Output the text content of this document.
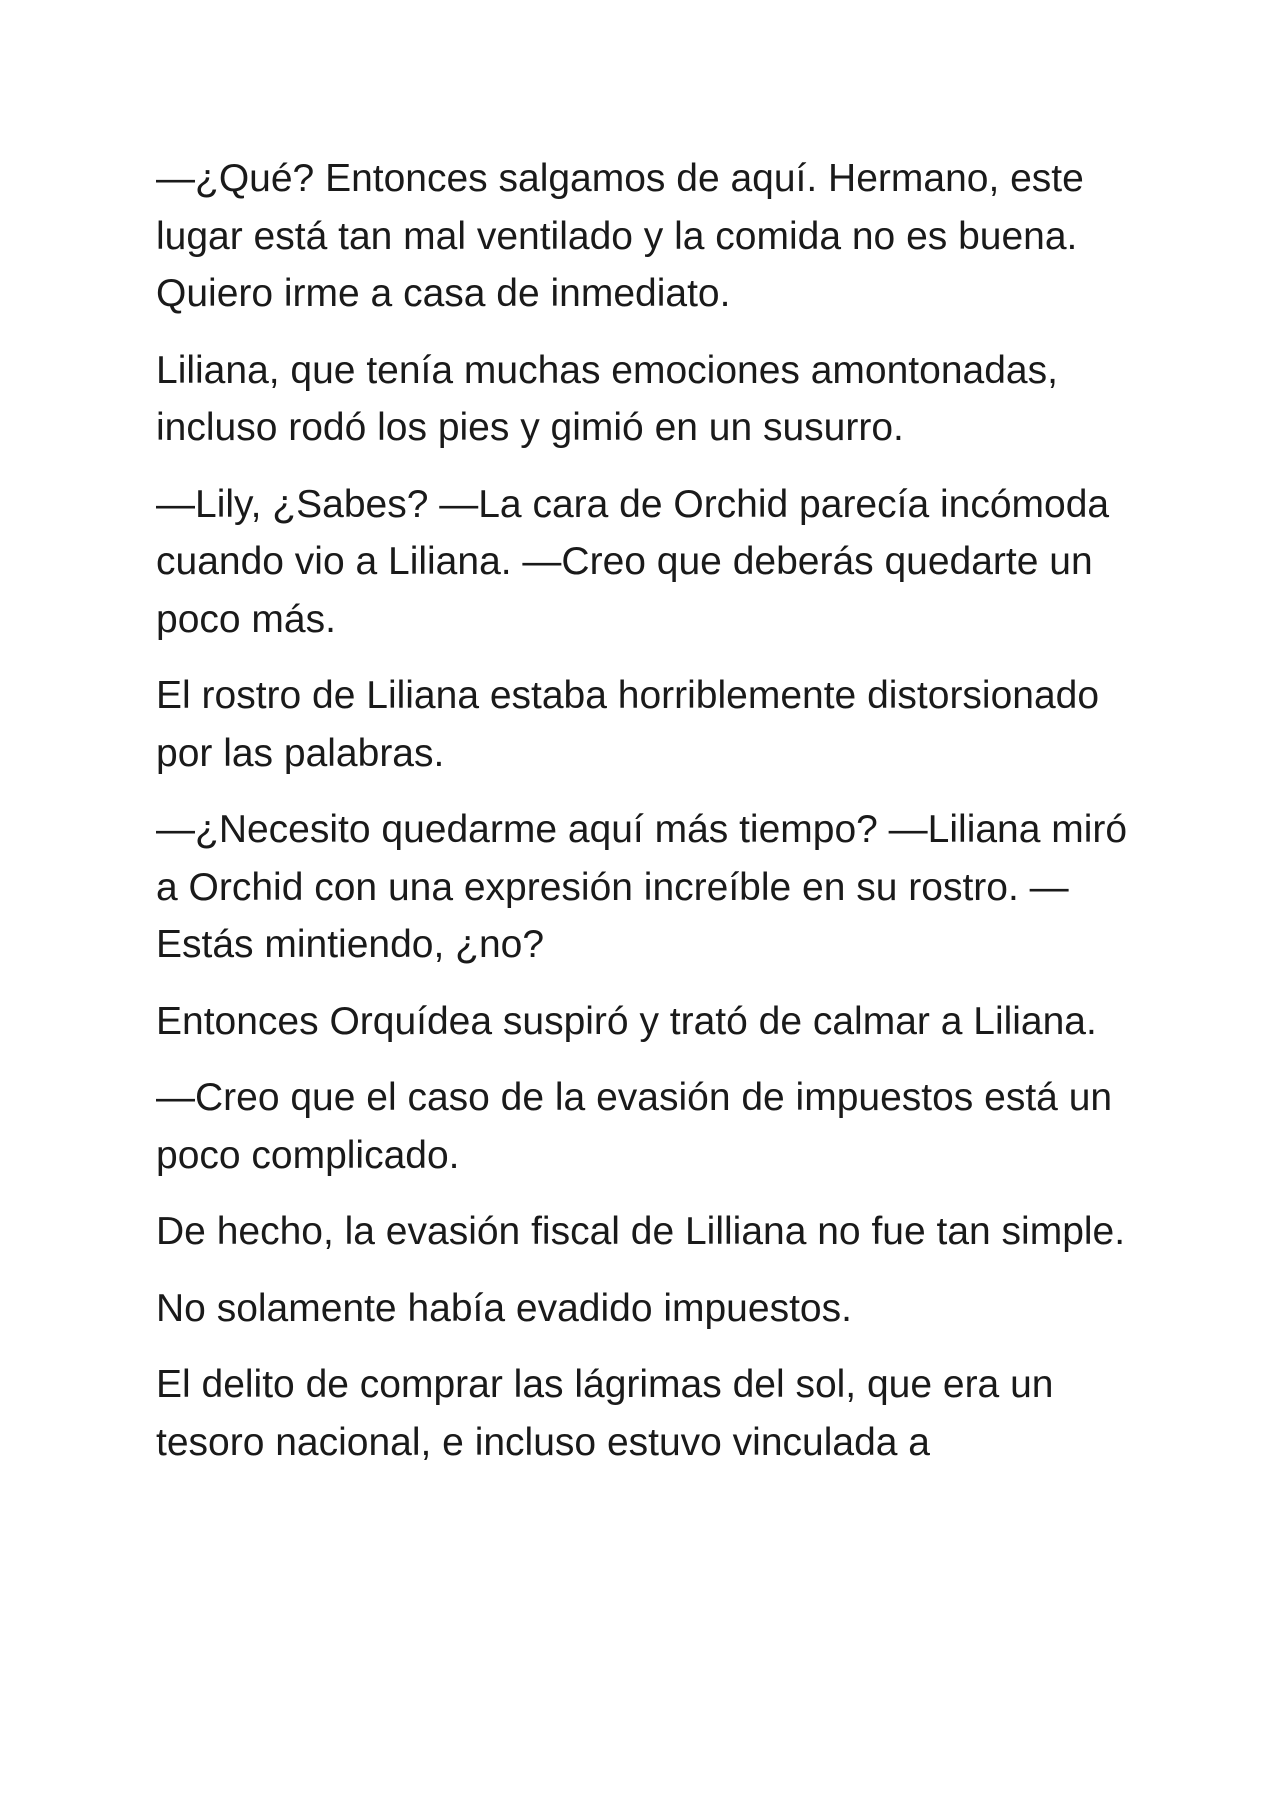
—¿Qué? Entonces salgamos de aquí. Hermano, este lugar está tan mal ventilado y la comida no es buena. Quiero irme a casa de inmediato.

Liliana, que tenía muchas emociones amontonadas, incluso rodó los pies y gimió en un susurro.

—Lily, ¿Sabes? —La cara de Orchid parecía incómoda cuando vio a Liliana. —Creo que deberás quedarte un poco más.

El rostro de Liliana estaba horriblemente distorsionado por las palabras.

—¿Necesito quedarme aquí más tiempo? —Liliana miró a Orchid con una expresión increíble en su rostro. —Estás mintiendo, ¿no?

Entonces Orquídea suspiró y trató de calmar a Liliana.

—Creo que el caso de la evasión de impuestos está un poco complicado.

De hecho, la evasión fiscal de Lilliana no fue tan simple.

No solamente había evadido impuestos.

El delito de comprar las lágrimas del sol, que era un tesoro nacional, e incluso estuvo vinculada a
